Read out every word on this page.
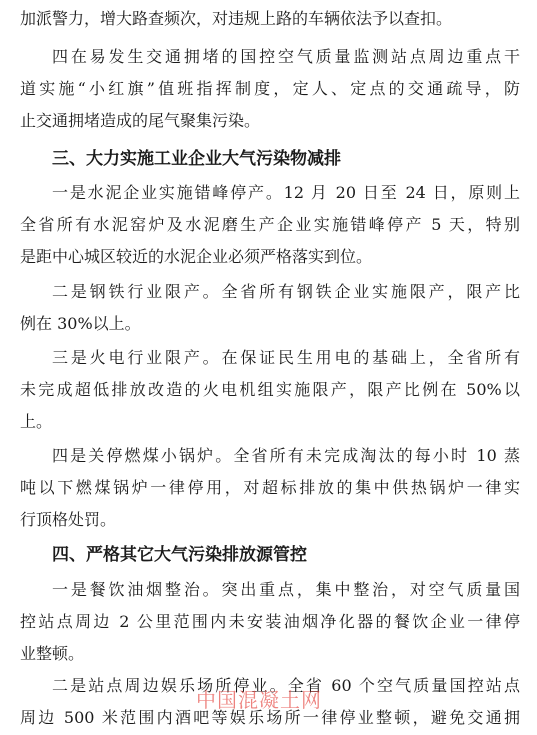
加派警力，增大路查频次，对违规上路的车辆依法予以查扣。
四在易发生交通拥堵的国控空气质量监测站点周边重点干
道实施“小红旗”值班指挥制度，定人、定点的交通疏导，防
止交通拥堵造成的尾气聚集污染。
三、大力实施工业企业大气污染物减排
一是水泥企业实施错峰停产。12 月 20 日至 24 日，原则上
全省所有水泥窑炉及水泥磨生产企业实施错峰停产 5 天，特别
是距中心城区较近的水泥企业必须严格落实到位。
二是钢铁行业限产。全省所有钢铁企业实施限产，限产比
例在 30%以上。
三是火电行业限产。在保证民生用电的基础上，全省所有
未完成超低排放改造的火电机组实施限产，限产比例在 50%以
上。
四是关停燃煤小锅炉。全省所有未完成淘汰的每小时 10 蒸
吨以下燃煤锅炉一律停用，对超标排放的集中供热锅炉一律实
行顶格处罚。
四、严格其它大气污染排放源管控
一是餐饮油烟整治。突出重点，集中整治，对空气质量国
控站点周边 2 公里范围内未安装油烟净化器的餐饮企业一律停
业整顿。
二是站点周边娱乐场所停业。全省 60 个空气质量国控站点
周边 500 米范围内酒吧等娱乐场所一律停业整顿，避免交通拥
中国混凝土网
